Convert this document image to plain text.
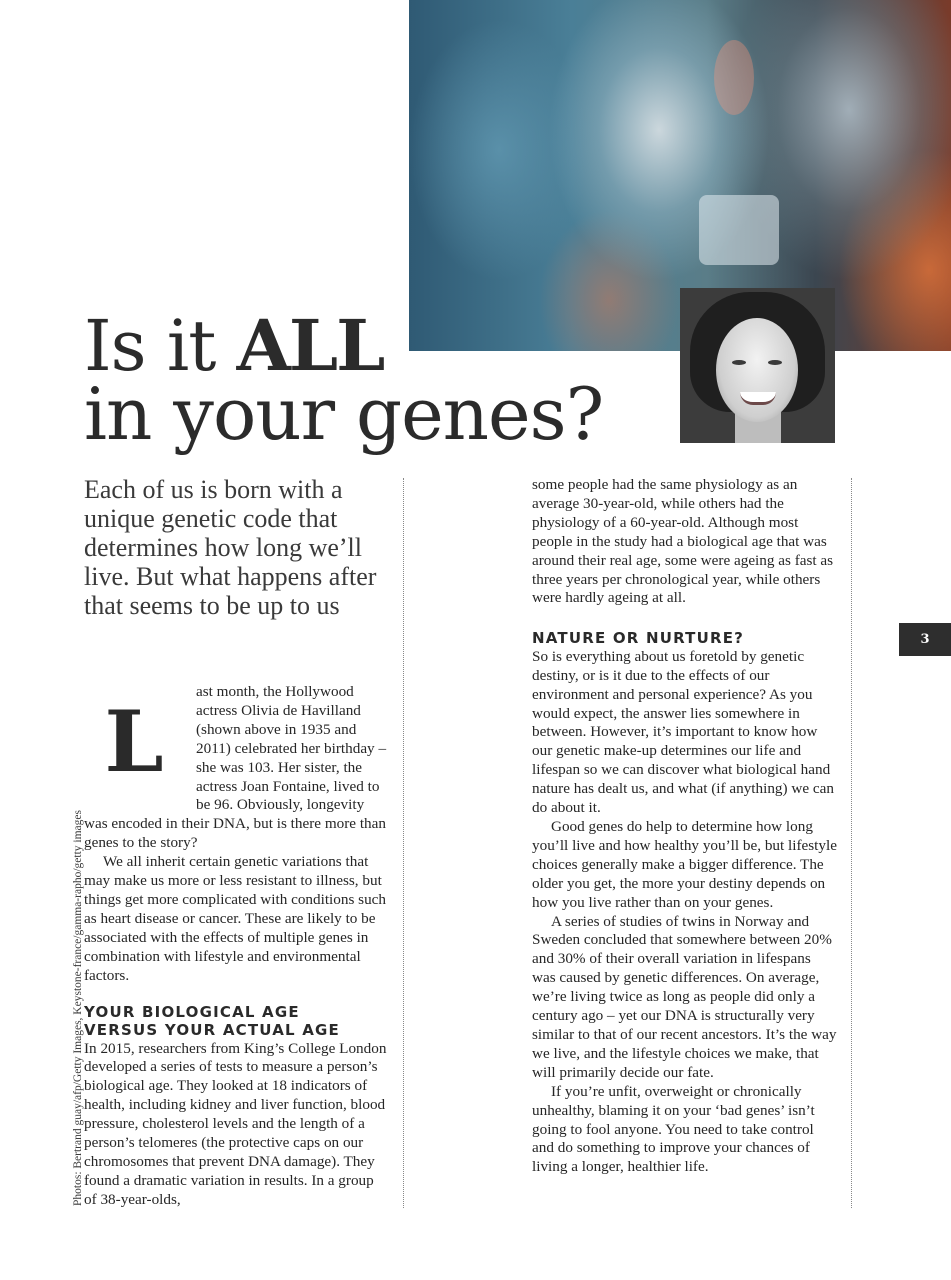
Is it ALL
in your genes?

Each of us is born with a unique genetic code that determines how long we’ll live. But what happens after that seems to be up to us

L

ast month, the Hollywood actress Olivia de Havilland (shown above in 1935 and 2011) celebrated her birthday – she was 103. Her sister, the actress Joan Fontaine, lived to be 96. Obviously, longevity was encoded in their DNA, but is there more than genes to the story?

We all inherit certain genetic variations that may make us more or less resistant to illness, but things get more complicated with conditions such as heart disease or cancer. These are likely to be associated with the effects of multiple genes in combination with lifestyle and environmental factors.

YOUR BIOLOGICAL AGE
VERSUS YOUR ACTUAL AGE

In 2015, researchers from King’s College London developed a series of tests to measure a person’s biological age. They looked at 18 indicators of health, including kidney and liver function, blood pressure, cholesterol levels and the length of a person’s telomeres (the protective caps on our chromosomes that prevent DNA damage). They found a dramatic variation in results. In a group of 38-year-olds,

some people had the same physiology as an average 30-year-old, while others had the physiology of a 60-year-old. Although most people in the study had a biological age that was around their real age, some were ageing as fast as three years per chronological year, while others were hardly ageing at all.

NATURE OR NURTURE?

So is everything about us foretold by genetic destiny, or is it due to the effects of our environment and personal experience? As you would expect, the answer lies somewhere in between. However, it’s important to know how our genetic make-up determines our life and lifespan so we can discover what biological hand nature has dealt us, and what (if anything) we can do about it.

Good genes do help to determine how long you’ll live and how healthy you’ll be, but lifestyle choices generally make a bigger difference. The older you get, the more your destiny depends on how you live rather than on your genes.

A series of studies of twins in Norway and Sweden concluded that somewhere between 20% and 30% of their overall variation in lifespans was caused by genetic differences. On average, we’re living twice as long as people did only a century ago – yet our DNA is structurally very similar to that of our recent ancestors. It’s the way we live, and the lifestyle choices we make, that will primarily decide our fate.

If you’re unfit, overweight or chronically unhealthy, blaming it on your ‘bad genes’ isn’t going to fool anyone. You need to take control and do something to improve your chances of living a longer, healthier life.

3
Photos: Bertrand guay/afp/Getty Images, Keystone-france/gamma-rapho/getty images
